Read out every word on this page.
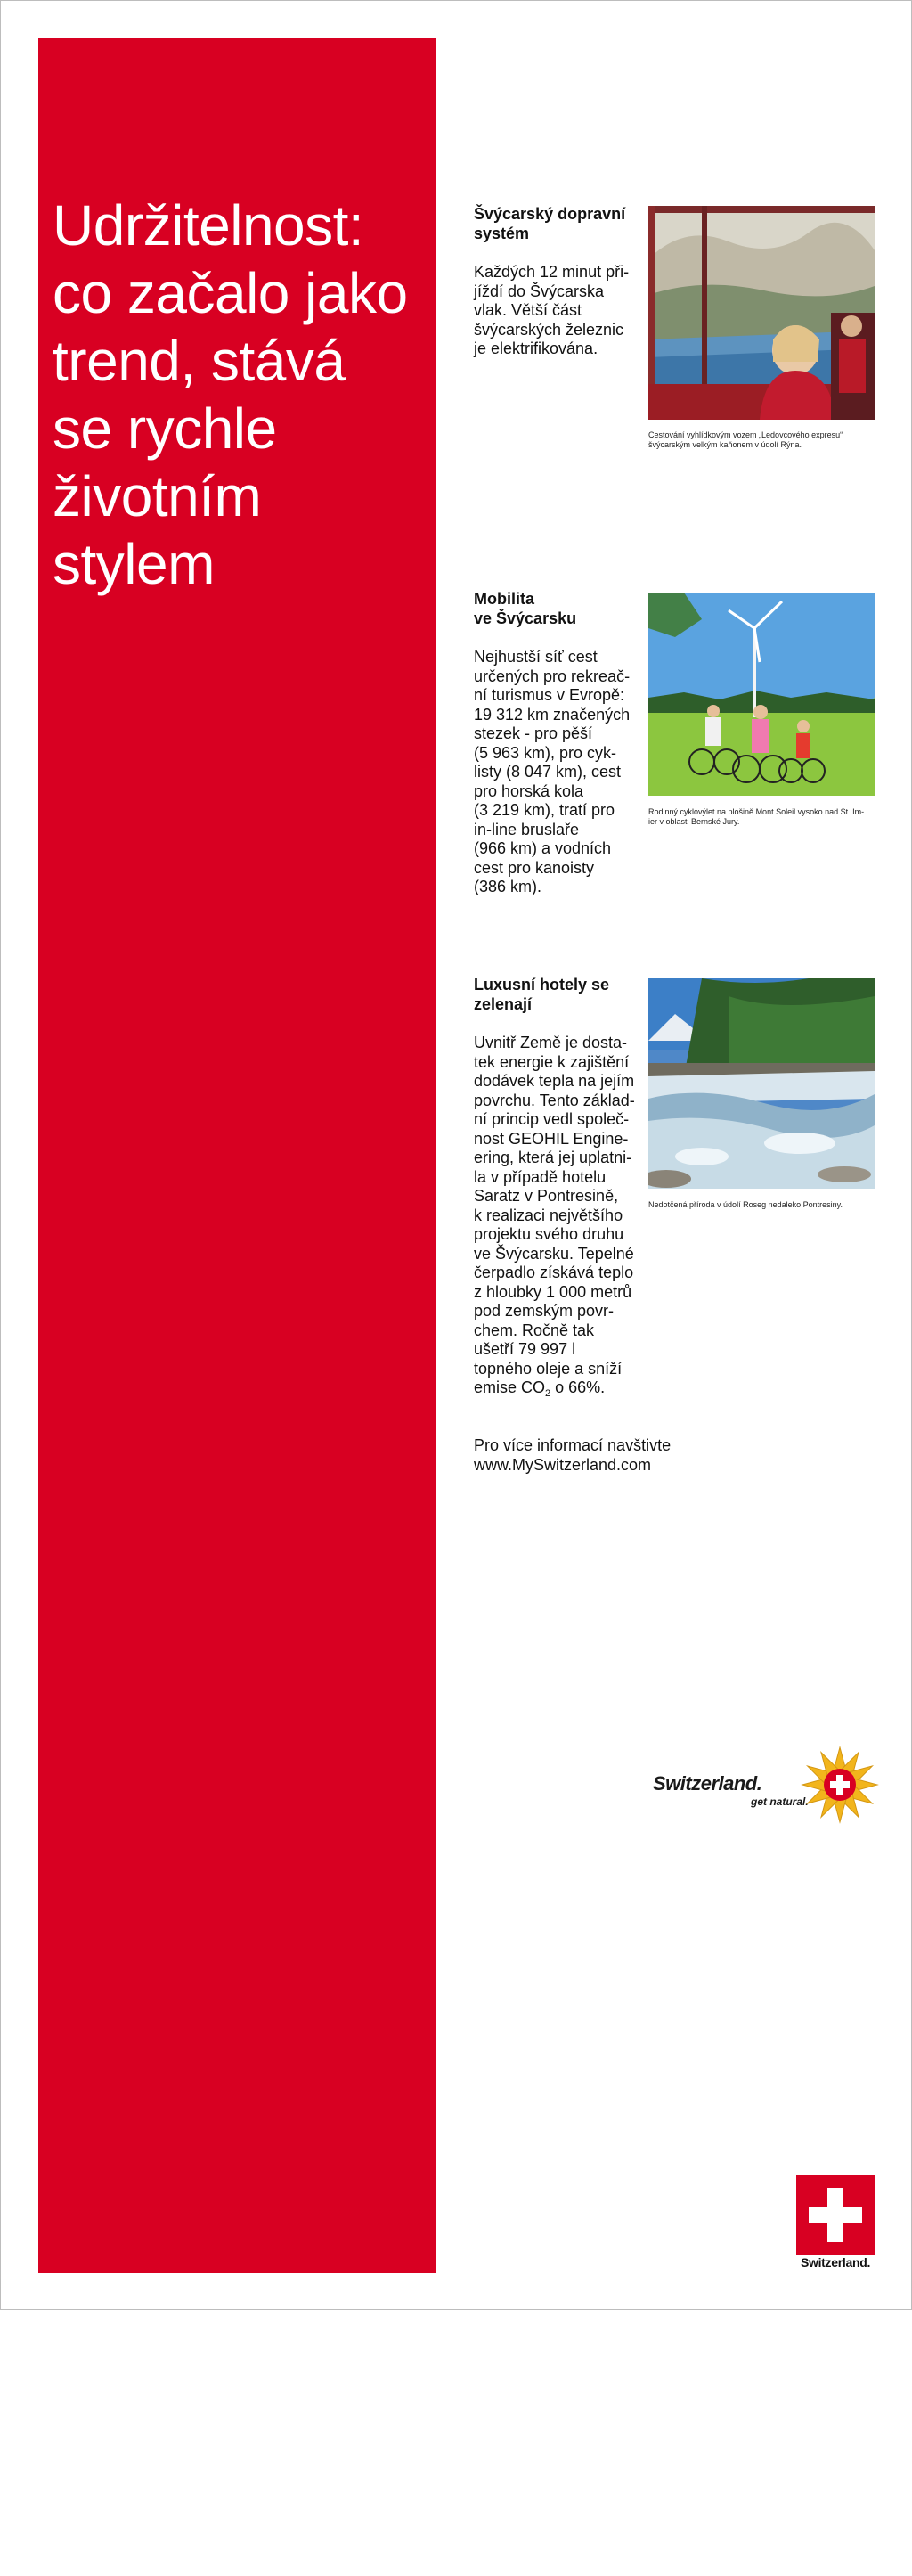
Udržitelnost:
co začalo jako
trend, stává
se rychle
životním
stylem
Švýcarský dopravní
systém
Každých 12 minut při-
jíždí do Švýcarska
vlak. Větší část
švýcarských železnic
je elektrifikována.
Cestování vyhlídkovým vozem „Ledovcového expresu“
švýcarským velkým kaňonem v údolí Rýna.
Mobilita
ve Švýcarsku
Nejhustší síť cest
určených pro rekreač-
ní turismus v Evropě:
19 312 km značených
stezek - pro pěší
(5 963 km), pro cyk-
listy (8 047 km), cest
pro horská kola
(3 219 km), tratí pro
in-line bruslaře
(966 km) a vodních
cest pro kanoisty
(386 km).
Rodinný cyklovýlet na plošině Mont Soleil vysoko nad St. Im-
ier v oblasti Bernské Jury.
Luxusní hotely se
zelenají
Uvnitř Země je dosta-
tek energie k zajištění
dodávek tepla na jejím
povrchu. Tento základ-
ní princip vedl společ-
nost GEOHIL Engine-
ering, která jej uplatni-
la v případě hotelu
Saratz v Pontresině,
k realizaci největšího
projektu svého druhu
ve Švýcarsku. Tepelné
čerpadlo získává teplo
z hloubky 1 000 metrů
pod zemským povr-
chem. Ročně tak
ušetří 79 997 l
topného oleje a sníží
emise $CO_2$ o 66%.
Nedotčená příroda v údolí Roseg nedaleko Pontresiny.
Pro více informací navštivte
www.MySwitzerland.com
Switzerland.
get natural.
Switzerland.
